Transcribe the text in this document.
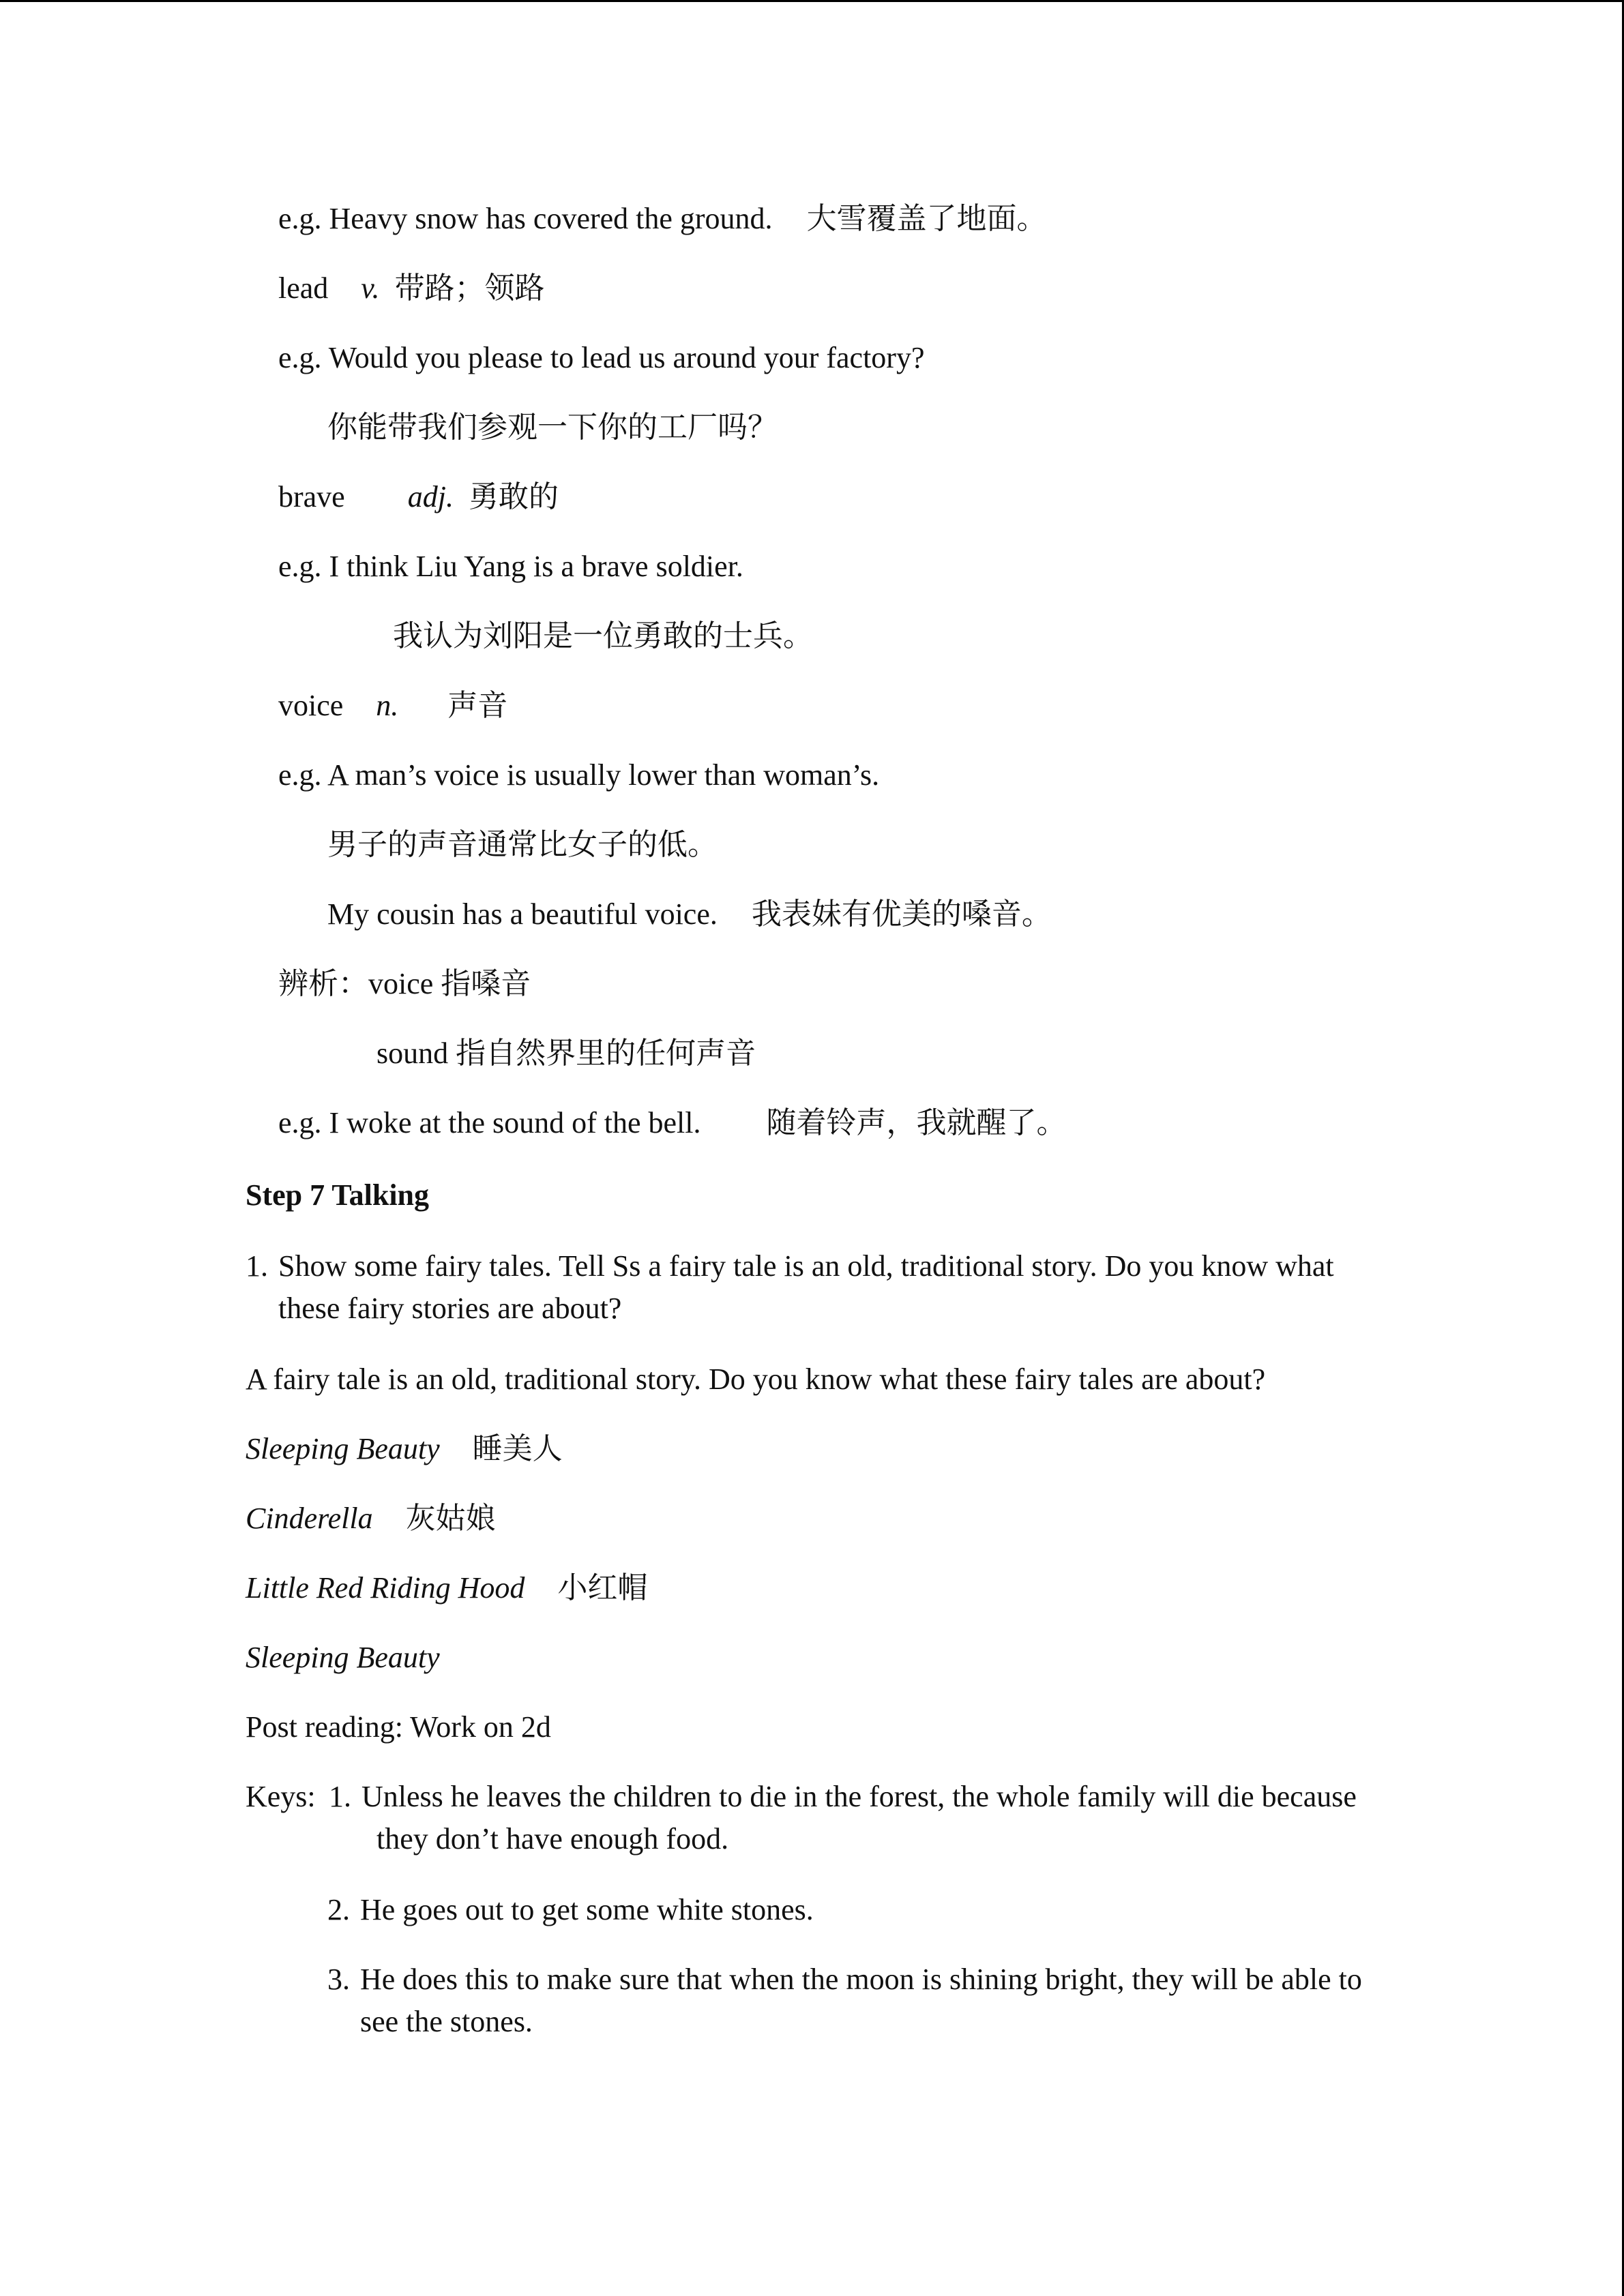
e.g. Heavy snow has covered the ground. 大雪覆盖了地面。
lead v. 带路；领路
e.g. Would you please to lead us around your factory?
你能带我们参观一下你的工厂吗？
brave adj. 勇敢的
e.g. I think Liu Yang is a brave soldier.
我认为刘阳是一位勇敢的士兵。
voice n. 声音
e.g. A man’s voice is usually lower than woman’s.
男子的声音通常比女子的低。
My cousin has a beautiful voice. 我表妹有优美的嗓音。
辨析：voice 指嗓音
sound 指自然界里的任何声音
e.g. I woke at the sound of the bell. 随着铃声，我就醒了。
Step 7 Talking
1. Show some fairy tales. Tell Ss a fairy tale is an old, traditional story. Do you know what these fairy stories are about?
A fairy tale is an old, traditional story. Do you know what these fairy tales are about?
Sleeping Beauty 睡美人
Cinderella 灰姑娘
Little Red Riding Hood 小红帽
Sleeping Beauty
Post reading: Work on 2d
Keys: 1. Unless he leaves the children to die in the forest, the whole family will die because they don’t have enough food.
2. He goes out to get some white stones.
3. He does this to make sure that when the moon is shining bright, they will be able to see the stones.
